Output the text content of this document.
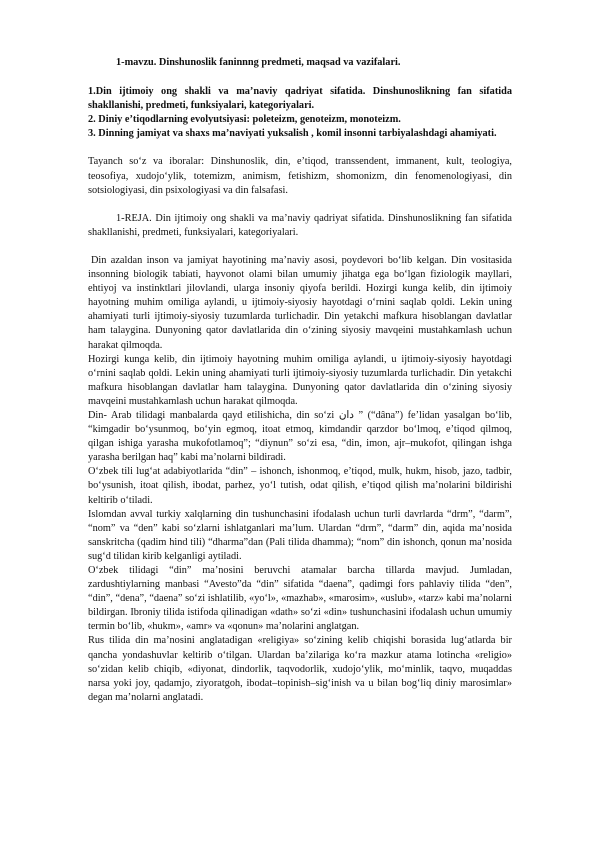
1-mavzu. Dinshunoslik faninnng predmeti, maqsad va vazifalari.

1.Din ijtimoiy ong shakli va ma’naviy qadriyat sifatida. Dinshunoslikning fan sifatida shakllanishi, predmeti, funksiyalari, kategoriyalari.

2. Diniy e’tiqodlarning evolyutsiyasi: poleteizm, genoteizm, monoteizm.

3. Dinning jamiyat va shaxs ma’naviyati yuksalish , komil insonni tarbiyalashdagi ahamiyati.

Tayanch so‘z va iboralar: Dinshunoslik, din, e’tiqod, transsendent, immanent, kult, teologiya, teosofiya, xudojo‘ylik, totemizm, animism, fetishizm, shomonizm, din fenomenologiyasi, din sotsiologiyasi, din psixologiyasi va din falsafasi.

1-REJA. Din ijtimoiy ong shakli va ma’naviy qadriyat sifatida. Dinshunoslikning fan sifatida shakllanishi, predmeti, funksiyalari, kategoriyalari.

Din azaldan inson va jamiyat hayotining ma’naviy asosi, poydevori bo‘lib kelgan. Din vositasida insonning biologik tabiati, hayvonot olami bilan umumiy jihatga ega bo‘lgan fiziologik mayllari, ehtiyoj va instinktlari jilovlandi, ularga insoniy qiyofa berildi. Hozirgi kunga kelib, din ijtimoiy hayotning muhim omiliga aylandi, u ijtimoiy-siyosiy hayotdagi o‘rnini saqlab qoldi. Lekin uning ahamiyati turli ijtimoiy-siyosiy tuzumlarda turlichadir. Din yetakchi mafkura hisoblangan davlatlar ham talaygina. Dunyoning qator davlatlarida din o‘zining siyosiy mavqeini mustahkamlash uchun harakat qilmoqda.

Hozirgi kunga kelib, din ijtimoiy hayotning muhim omiliga aylandi, u ijtimoiy-siyosiy hayotdagi o‘rnini saqlab qoldi. Lekin uning ahamiyati turli ijtimoiy-siyosiy tuzumlarda turlichadir. Din yetakchi mafkura hisoblangan davlatlar ham talaygina. Dunyoning qator davlatlarida din o‘zining siyosiy mavqeini mustahkamlash uchun harakat qilmoqda.

Din- Arab tilidagi manbalarda qayd etilishicha, din so‘zi دان ” (“dâna”) fe’lidan yasalgan bo‘lib, “kimgadir bo‘ysunmoq, bo‘yin egmoq, itoat etmoq, kimdandir qarzdor bo‘lmoq, e’tiqod qilmoq, qilgan ishiga yarasha mukofotlamoq”; “diynun” so‘zi esa, “din, imon, ajr–mukofot, qilingan ishga yarasha berilgan haq” kabi ma’nolarni bildiradi.

O‘zbek tili lug‘at adabiyotlarida “din” – ishonch, ishonmoq, e’tiqod, mulk, hukm, hisob, jazo, tadbir, bo‘ysunish, itoat qilish, ibodat, parhez, yo‘l tutish, odat qilish, e’tiqod qilish ma’nolarini bildirishi keltirib o‘tiladi.

Islomdan avval turkiy xalqlarning din tushunchasini ifodalash uchun turli davrlarda “drm”, “darm”, “nom” va “den” kabi so‘zlarni ishlatganlari ma’lum. Ulardan “drm”, “darm” din, aqida ma’nosida sanskritcha (qadim hind tili) “dharma”dan (Pali tilida dhamma); “nom” din ishonch, qonun ma’nosida sug‘d tilidan kirib kelganligi aytiladi.

O‘zbek tilidagi “din” ma’nosini beruvchi atamalar barcha tillarda mavjud. Jumladan, zardushtiylarning manbasi “Avesto”da “din” sifatida “daena”, qadimgi fors pahlaviy tilida “den”, “din”, “dena”, “daena” so‘zi ishlatilib, «yo‘l», «mazhab», «marosim», «uslub», «tarz» kabi ma’nolarni bildirgan. Ibroniy tilida istifoda qilinadigan «dath» so‘zi «din» tushunchasini ifodalash uchun umumiy termin bo‘lib, «hukm», «amr» va «qonun» ma’nolarini anglatgan.

Rus tilida din ma’nosini anglatadigan «religiya» so‘zining kelib chiqishi borasida lug‘atlarda bir qancha yondashuvlar keltirib o‘tilgan. Ulardan ba’zilariga ko‘ra mazkur atama lotincha «religio» so‘zidan kelib chiqib, «diyonat, dindorlik, taqvodorlik, xudojo‘ylik, mo‘minlik, taqvo, muqaddas narsa yoki joy, qadamjo, ziyoratgoh, ibodat–topinish–sig‘inish va u bilan bog‘liq diniy marosimlar» degan ma’nolarni anglatadi.
